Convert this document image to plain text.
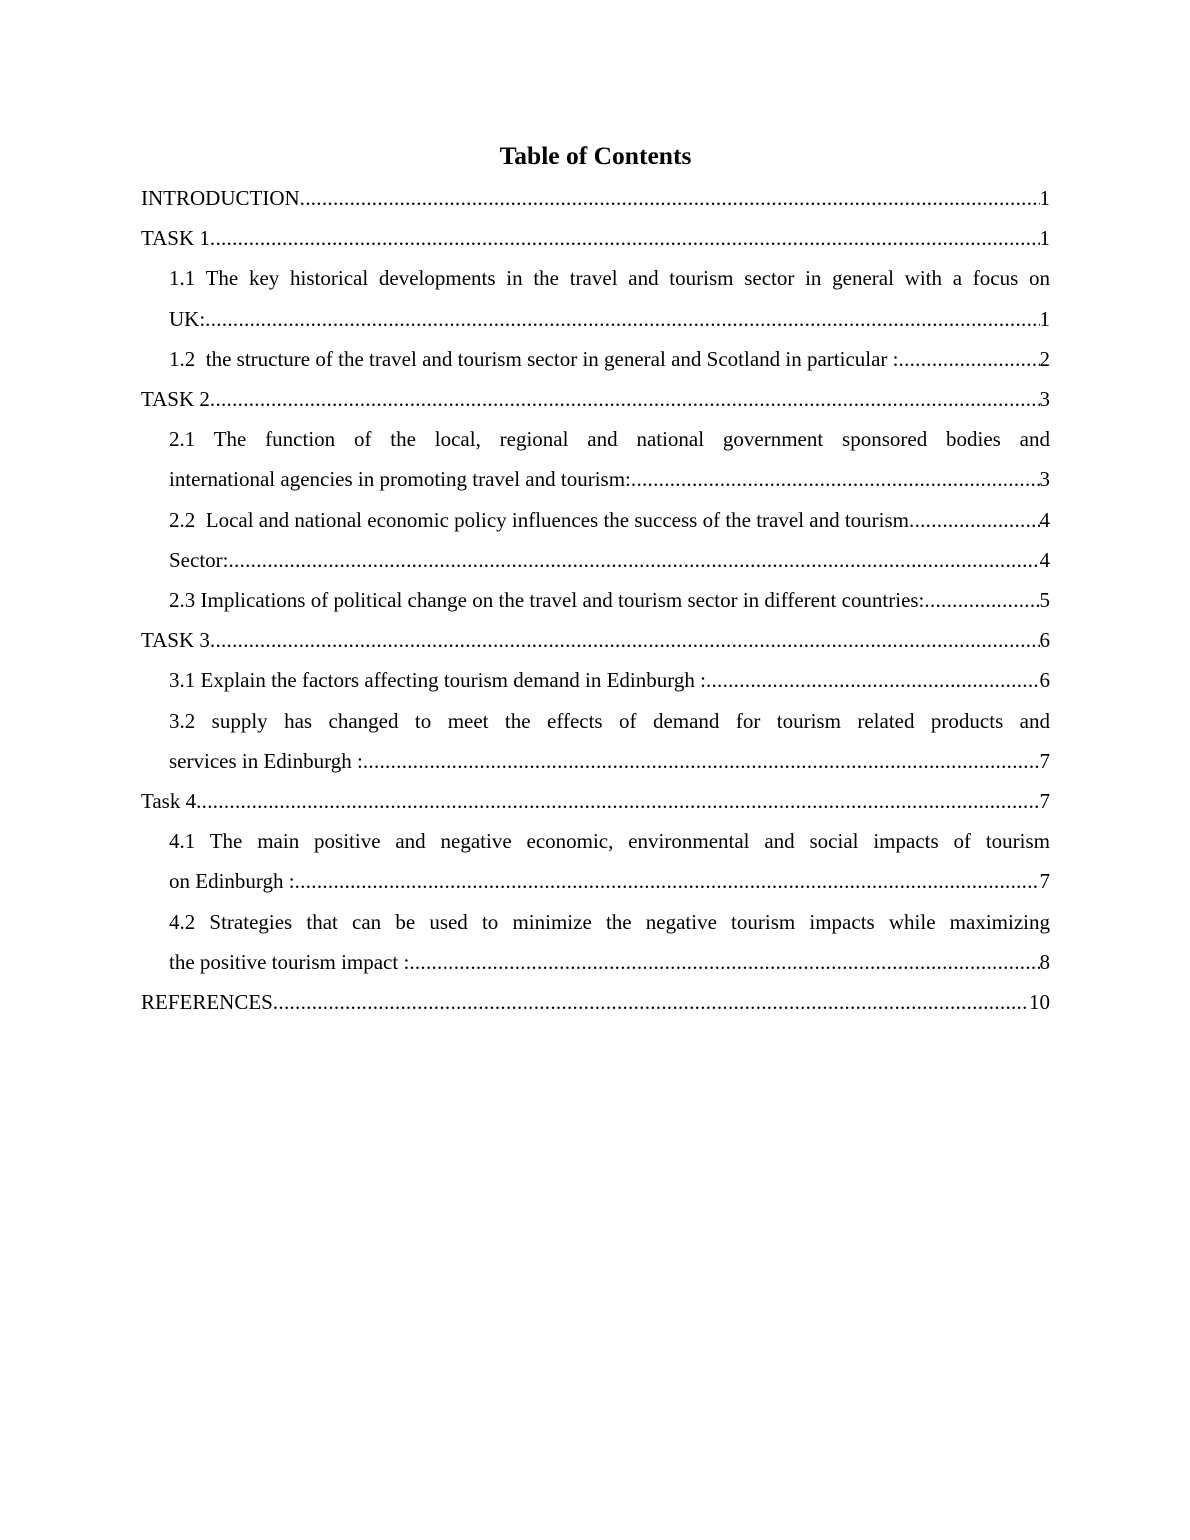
Table of Contents
INTRODUCTION .....	1
TASK 1 .....	1
1.1 The key historical developments in the travel and tourism sector in general with a focus on
UK: .....	1
1.2  the structure of the travel and tourism sector in general and Scotland in particular : .....	2
TASK 2 .....	3
2.1 The function of the local, regional and national government sponsored bodies and
international agencies in promoting travel and tourism: .....	3
2.2  Local and national economic policy influences the success of the travel and tourism .....	4
Sector: .....	4
2.3 Implications of political change on the travel and tourism sector in different countries: .....	5
TASK 3 .....	6
3.1 Explain the factors affecting tourism demand in Edinburgh : .....	6
3.2 supply has changed to meet the effects of demand for tourism related products and
services in Edinburgh : .....	7
Task 4 .....	7
4.1 The main positive and negative economic, environmental and social impacts of tourism
on Edinburgh : .....	7
4.2 Strategies that can be used to minimize the negative tourism impacts while maximizing
the positive tourism impact : .....	8
REFERENCES .....	10
